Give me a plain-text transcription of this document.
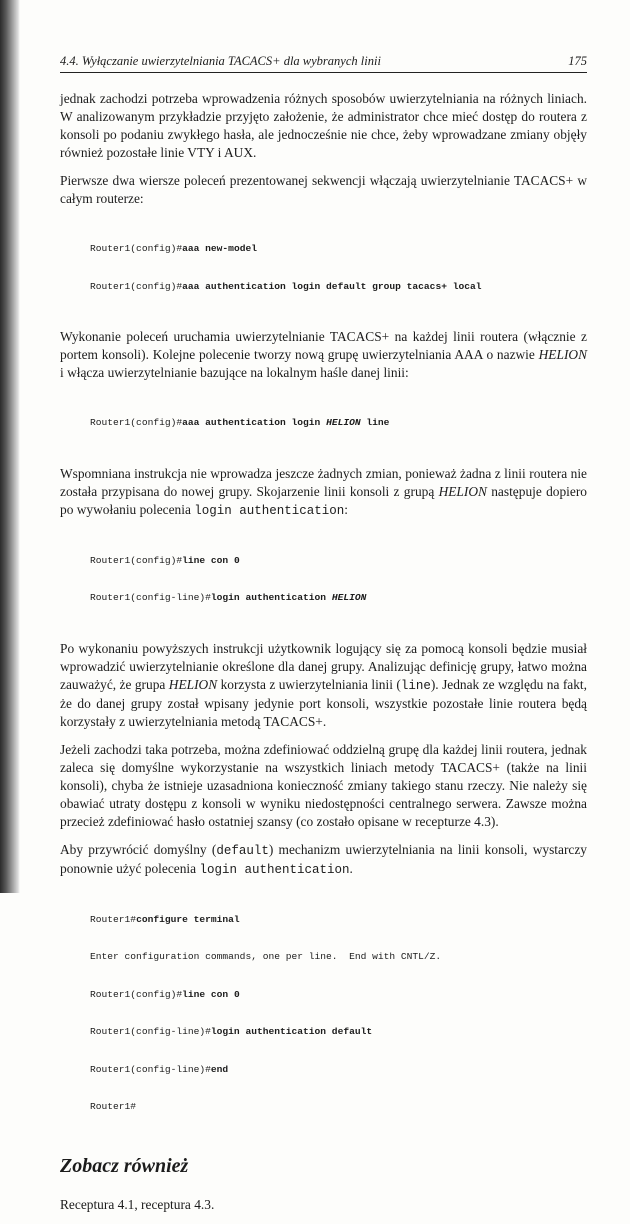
4.4. Wyłączanie uwierzytelniania TACACS+ dla wybranych linii	175

jednak zachodzi potrzeba wprowadzenia różnych sposobów uwierzytelniania na różnych liniach. W analizowanym przykładzie przyjęto założenie, że administrator chce mieć dostęp do routera z konsoli po podaniu zwykłego hasła, ale jednocześnie nie chce, żeby wprowadzane zmiany objęły również pozostałe linie VTY i AUX.

Pierwsze dwa wiersze poleceń prezentowanej sekwencji włączają uwierzytelnianie TACACS+ w całym routerze:

Router1(config)#aaa new-model

Router1(config)#aaa authentication login default group tacacs+ local

Wykonanie poleceń uruchamia uwierzytelnianie TACACS+ na każdej linii routera (włącznie z portem konsoli). Kolejne polecenie tworzy nową grupę uwierzytelniania AAA o nazwie HELION i włącza uwierzytelnianie bazujące na lokalnym haśle danej linii:

Router1(config)#aaa authentication login HELION line

Wspomniana instrukcja nie wprowadza jeszcze żadnych zmian, ponieważ żadna z linii routera nie została przypisana do nowej grupy. Skojarzenie linii konsoli z grupą HELION następuje dopiero po wywołaniu polecenia login authentication:

Router1(config)#line con 0

Router1(config-line)#login authentication HELION

Po wykonaniu powyższych instrukcji użytkownik logujący się za pomocą konsoli będzie musiał wprowadzić uwierzytelnianie określone dla danej grupy. Analizując definicję grupy, łatwo można zauważyć, że grupa HELION korzysta z uwierzytelniania linii (line). Jednak ze względu na fakt, że do danej grupy został wpisany jedynie port konsoli, wszystkie pozostałe linie routera będą korzystały z uwierzytelniania metodą TACACS+.

Jeżeli zachodzi taka potrzeba, można zdefiniować oddzielną grupę dla każdej linii routera, jednak zaleca się domyślne wykorzystanie na wszystkich liniach metody TACACS+ (także na linii konsoli), chyba że istnieje uzasadniona konieczność zmiany takiego stanu rzeczy. Nie należy się obawiać utraty dostępu z konsoli w wyniku niedostępności centralnego serwera. Zawsze można przecież zdefiniować hasło ostatniej szansy (co zostało opisane w recepturze 4.3).

Aby przywrócić domyślny (default) mechanizm uwierzytelniania na linii konsoli, wystarczy ponownie użyć polecenia login authentication.

Router1#configure terminal

Enter configuration commands, one per line.  End with CNTL/Z.

Router1(config)#line con 0

Router1(config-line)#login authentication default

Router1(config-line)#end

Router1#

Zobacz również

Receptura 4.1, receptura 4.3.
